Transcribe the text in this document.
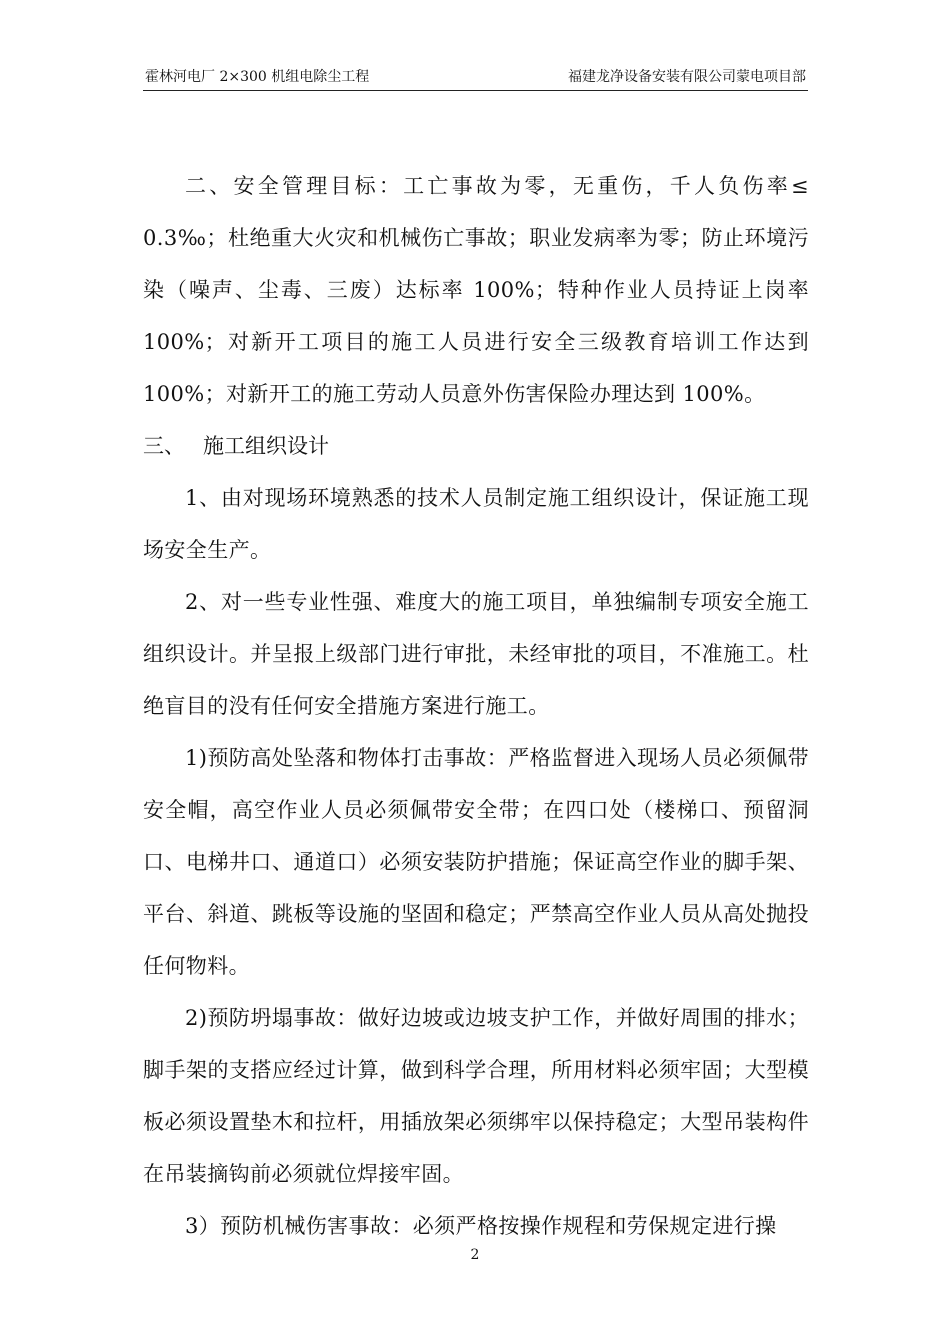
霍林河电厂 2×300 机组电除尘工程	福建龙净设备安装有限公司蒙电项目部

二、安全管理目标：工亡事故为零，无重伤，千人负伤率≤ 0.3‰；杜绝重大火灾和机械伤亡事故；职业发病率为零；防止环境污染（噪声、尘毒、三废）达标率 100%；特种作业人员持证上岗率 100%；对新开工项目的施工人员进行安全三级教育培训工作达到 100%；对新开工的施工劳动人员意外伤害保险办理达到 100%。

三、 施工组织设计

1、由对现场环境熟悉的技术人员制定施工组织设计，保证施工现场安全生产。

2、对一些专业性强、难度大的施工项目，单独编制专项安全施工组织设计。并呈报上级部门进行审批，未经审批的项目，不准施工。杜绝盲目的没有任何安全措施方案进行施工。

1)预防高处坠落和物体打击事故：严格监督进入现场人员必须佩带安全帽，高空作业人员必须佩带安全带；在四口处（楼梯口、预留洞口、电梯井口、通道口）必须安装防护措施；保证高空作业的脚手架、平台、斜道、跳板等设施的坚固和稳定；严禁高空作业人员从高处抛投任何物料。

2)预防坍塌事故：做好边坡或边坡支护工作，并做好周围的排水；脚手架的支搭应经过计算，做到科学合理，所用材料必须牢固；大型模板必须设置垫木和拉杆，用插放架必须绑牢以保持稳定；大型吊装构件在吊装摘钩前必须就位焊接牢固。

3）预防机械伤害事故：必须严格按操作规程和劳保规定进行操

2
